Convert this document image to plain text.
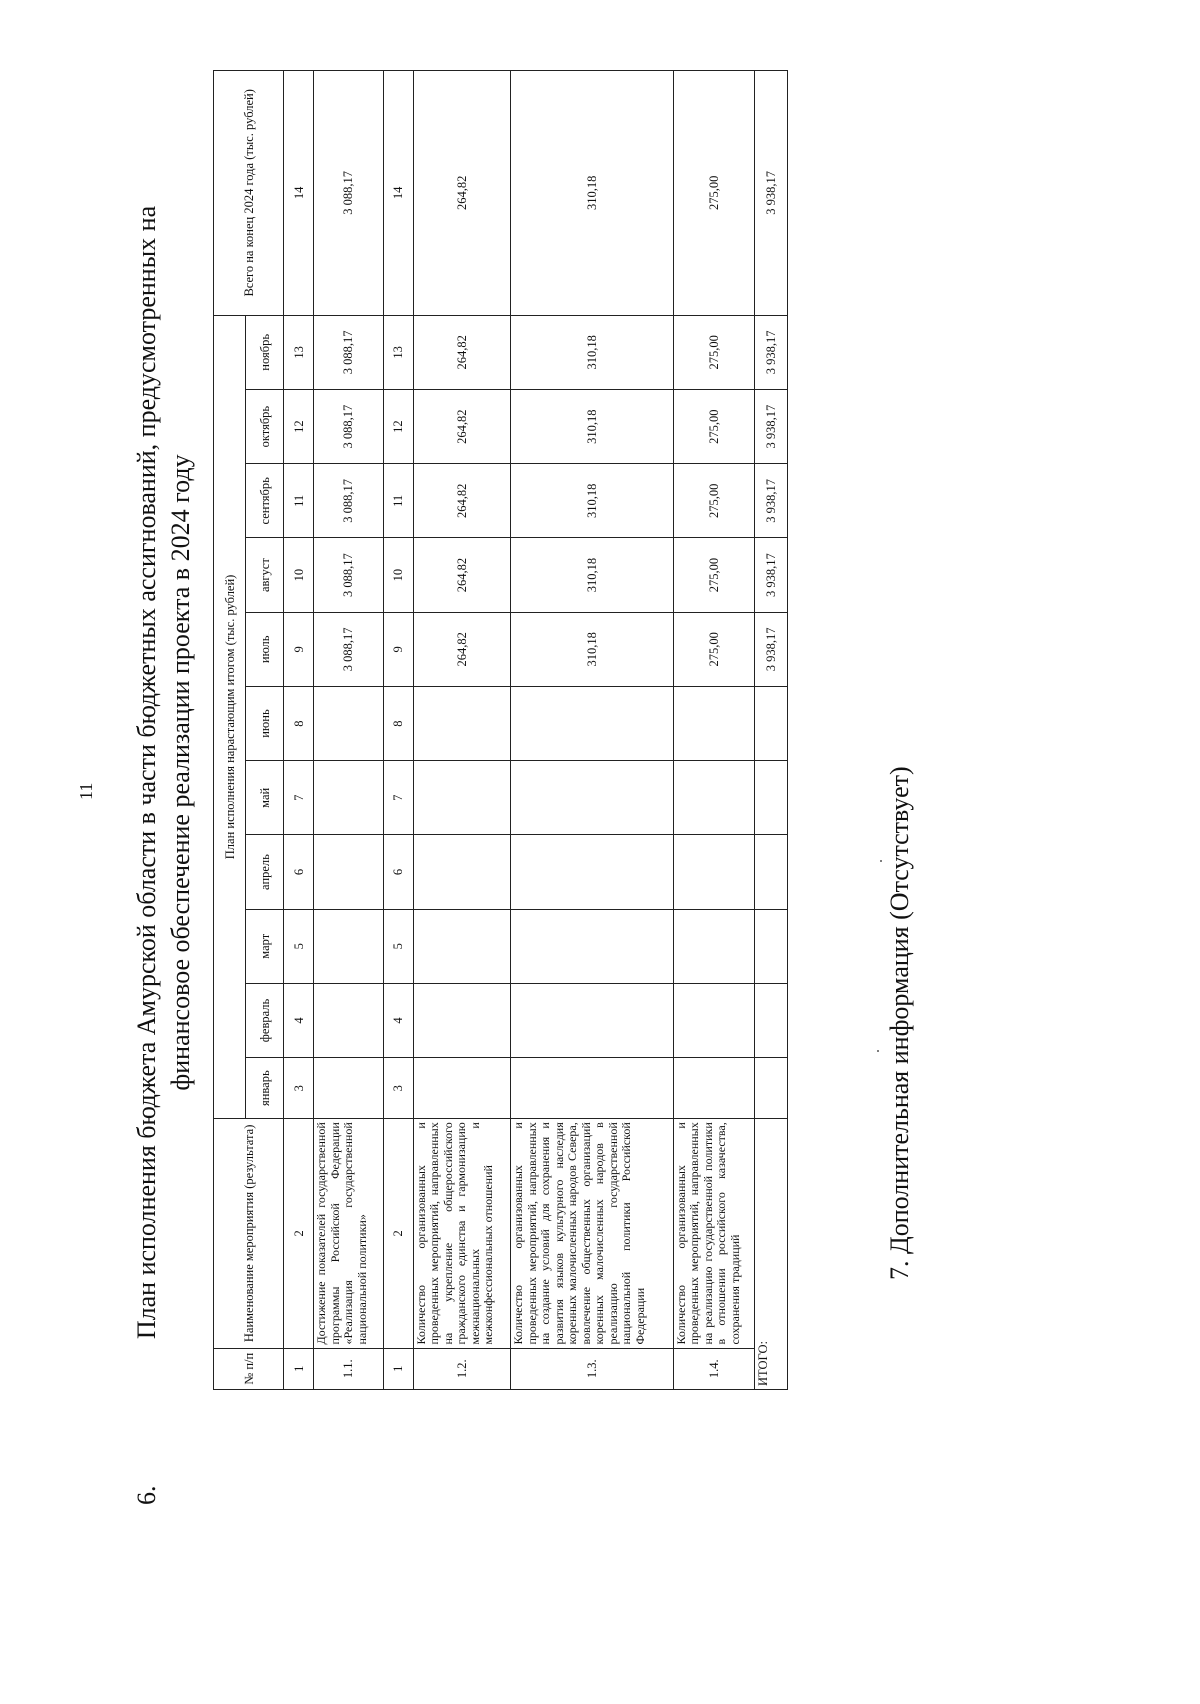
11
6.

План исполнения бюджета Амурской области в части бюджетных ассигнований, предусмотренных на финансовое обеспечение реализации проекта в 2024 году

№ п/п	Наименование мероприятия (результата)	План исполнения нарастающим итогом (тыс. рублей)											Всего на конец 2024 года (тыс. рублей)
		январь	февраль	март	апрель	май	июнь	июль	август	сентябрь	октябрь	ноябрь	
1	2	3	4	5	6	7	8	9	10	11	12	13	14
1.1.	Достижение показателей государственной программы Российской Федерации «Реализация государственной национальной политики»							3 088,17	3 088,17	3 088,17	3 088,17	3 088,17	3 088,17
1	2	3	4	5	6	7	8	9	10	11	12	13	14
1.2.	Количество организованных и проведенных мероприятий, направленных на укрепление общероссийского гражданского единства и гармонизацию межнациональных и межконфессиональных отношений							264,82	264,82	264,82	264,82	264,82	264,82
1.3.	Количество организованных и проведенных мероприятий, направленных на создание условий для сохранения и развития языков культурного наследия коренных малочисленных народов Севера, вовлечение общественных организаций коренных малочисленных народов в реализацию государственной национальной политики Российской Федерации							310,18	310,18	310,18	310,18	310,18	310,18
1.4.	Количество организованных и проведенных мероприятий, направленных на реализацию государственной политики в отношении российского казачества, сохранения традиций							275,00	275,00	275,00	275,00	275,00	275,00
ИТОГО:								3 938,17	3 938,17	3 938,17	3 938,17	3 938,17	3 938,17
7. Дополнительная информация (Отсутствует)
